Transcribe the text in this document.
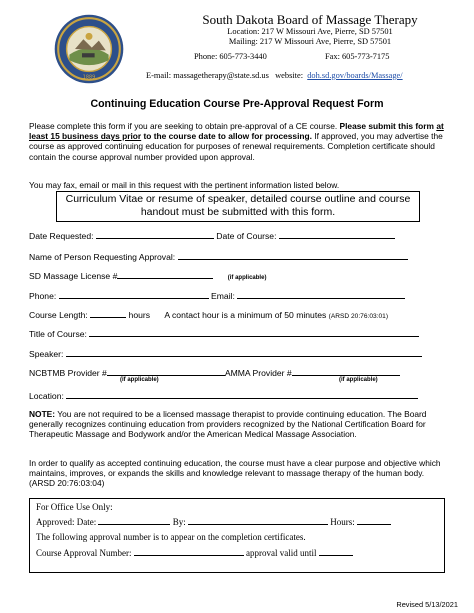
1889
South Dakota Board of Massage Therapy
Location: 217 W Missouri Ave, Pierre, SD 57501
Mailing: 217 W Missouri Ave, Pierre, SD 57501
Phone: 605-773-3440	Fax: 605-773-7175
E-mail: massagetherapy@state.sd.us website: doh.sd.gov/boards/Massage/
Continuing Education Course Pre-Approval Request Form
Please complete this form if you are seeking to obtain pre-approval of a CE course. Please submit this form at least 15 business days prior to the course date to allow for processing. If approved, you may advertise the course as approved continuing education for purposes of renewal requirements. Completion certificate should contain the course approval number provided upon approval.
You may fax, email or mail in this request with the pertinent information listed below.
Curriculum Vitae or resume of speaker, detailed course outline and course handout must be submitted with this form.
Date Requested:	Date of Course:
Name of Person Requesting Approval:
SD Massage License #	(if applicable)
Phone:	Email:
Course Length:	hours A contact hour is a minimum of 50 minutes (ARSD 20:76:03:01)
Title of Course:
Speaker:
NCBTMB Provider #	AMMA Provider #
(if applicable)	(if applicable)
Location:
NOTE: You are not required to be a licensed massage therapist to provide continuing education. The Board generally recognizes continuing education from providers recognized by the National Certification Board for Therapeutic Massage and Bodywork and/or the American Medical Massage Association.
In order to qualify as accepted continuing education, the course must have a clear purpose and objective which maintains, improves, or expands the skills and knowledge relevant to massage therapy of the human body. (ARSD 20:76:03:04)
For Office Use Only:
Approved: Date:	By:	Hours:
The following approval number is to appear on the completion certificates.
Course Approval Number:	approval valid until
Revised 5/13/2021
